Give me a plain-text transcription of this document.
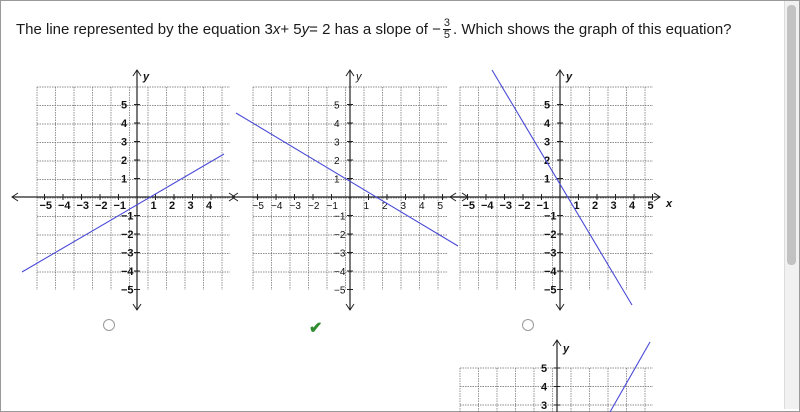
The line represented by the equation 3 x + 5 y = 2 has a slope of − $\frac{3}{5}$ . Which shows the graph of this equation?
y
−5 −4 −3 −2 −1 1 2 3 4
5
4
3
2
1
−1
−2
−3
−4
−5
y
−5 −4 −3 −2 −1	1 2 3 4 5
5
4
3
2
1
−1
−2
−3
−4
−5
y
x
−5 −4 −3 −2 −1 1 2 3 4 5
5
4
3
2
1
−1
−2
−3
−4
−5
y
5
4
3
✔
